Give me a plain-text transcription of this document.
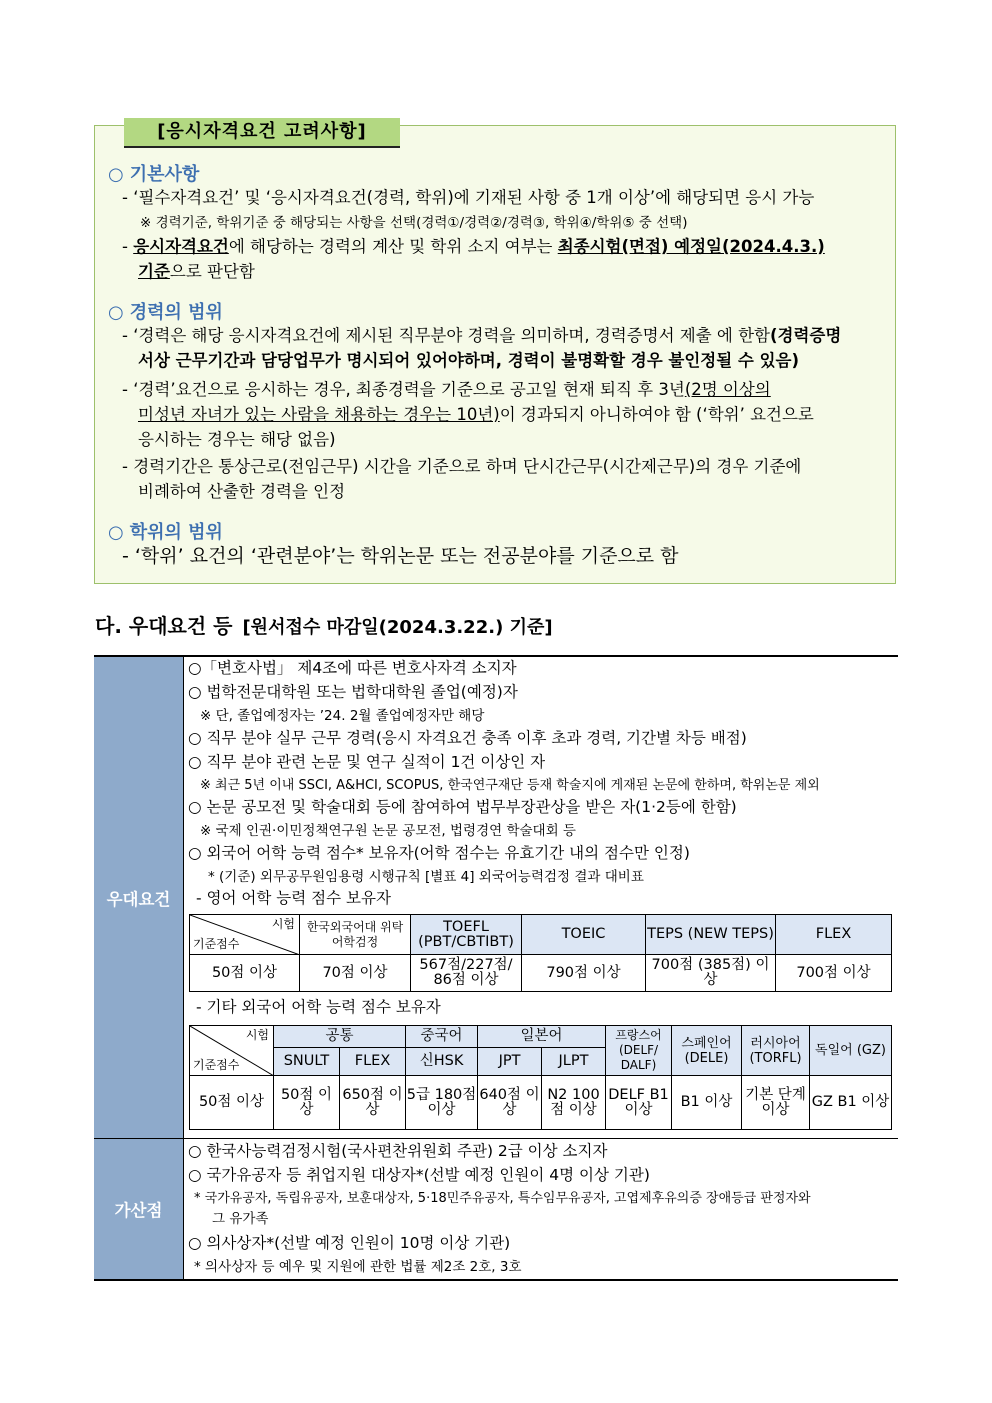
[응시자격요건 고려사항]
○ 기본사항
- ‘필수자격요건’ 및 ‘응시자격요건(경력, 학위)에 기재된 사항 중 1개 이상’에 해당되면 응시 가능
※ 경력기준, 학위기준 중 해당되는 사항을 선택(경력①/경력②/경력③, 학위④/학위⑤ 중 선택)
- 응시자격요건에 해당하는 경력의 계산 및 학위 소지 여부는 최종시험(면접) 예정일(2024.4.3.)
기준으로 판단함
○ 경력의 범위
- ‘경력은 해당 응시자격요건에 제시된 직무분야 경력을 의미하며, 경력증명서 제출 에 한함(경력증명
서상 근무기간과 담당업무가 명시되어 있어야하며, 경력이 불명확할 경우 불인정될 수 있음)
- ‘경력’요건으로 응시하는 경우, 최종경력을 기준으로 공고일 현재 퇴직 후 3년(2명 이상의
미성년 자녀가 있는 사람을 채용하는 경우는 10년)이 경과되지 아니하여야 함 (‘학위’ 요건으로
응시하는 경우는 해당 없음)
- 경력기간은 통상근로(전임근무) 시간을 기준으로 하며 단시간근무(시간제근무)의 경우 기준에
비례하여 산출한 경력을 인정
○ 학위의 범위
- ‘학위’ 요건의 ‘관련분야’는 학위논문 또는 전공분야를 기준으로 함
다. 우대요건 등 [원서접수 마감일(2024.3.22.) 기준]
우대요건
가산점
○「변호사법」 제4조에 따른 변호사자격 소지자
○ 법학전문대학원 또는 법학대학원 졸업(예정)자
※ 단, 졸업예정자는 ’24. 2월 졸업예정자만 해당
○ 직무 분야 실무 근무 경력(응시 자격요건 충족 이후 초과 경력, 기간별 차등 배점)
○ 직무 분야 관련 논문 및 연구 실적이 1건 이상인 자
※ 최근 5년 이내 SSCI, A&HCI, SCOPUS, 한국연구재단 등재 학술지에 게재된 논문에 한하며, 학위논문 제외
○ 논문 공모전 및 학술대회 등에 참여하여 법무부장관상을 받은 자(1·2등에 한함)
※ 국제 인권·이민정책연구원 논문 공모전, 법령경연 학술대회 등
○ 외국어 어학 능력 점수* 보유자(어학 점수는 유효기간 내의 점수만 인정)
* (기준) 외무공무원임용령 시행규칙 [별표 4] 외국어능력검정 결과 대비표
- 영어 어학 능력 점수 보유자
시험
기준점수	한국외국어대 위탁 어학검정	TOEFL (PBT/CBTIBT)	TOEIC	TEPS (NEW TEPS)	FLEX
50점 이상	70점 이상	567점/227점/ 86점 이상	790점 이상	700점 (385점) 이상	700점 이상
- 기타 외국어 어학 능력 점수 보유자
시험
기준점수	공통		중국어	일본어		프랑스어 (DELF/ DALF)	스페인어 (DELE)	러시아어 (TORFL)	독일어 (GZ)
	SNULT	FLEX	신HSK	JPT	JLPT				
50점 이상	50점 이상	650점 이상	5급 180점 이상	640점 이상	N2 100점 이상	DELF B1 이상	B1 이상	기본 단계 이상	GZ B1 이상
○ 한국사능력검정시험(국사편찬위원회 주관) 2급 이상 소지자
○ 국가유공자 등 취업지원 대상자*(선발 예정 인원이 4명 이상 기관)
* 국가유공자, 독립유공자, 보훈대상자, 5·18민주유공자, 특수임무유공자, 고엽제후유의증 장애등급 판정자와
그 유가족
○ 의사상자*(선발 예정 인원이 10명 이상 기관)
* 의사상자 등 예우 및 지원에 관한 법률 제2조 2호, 3호
